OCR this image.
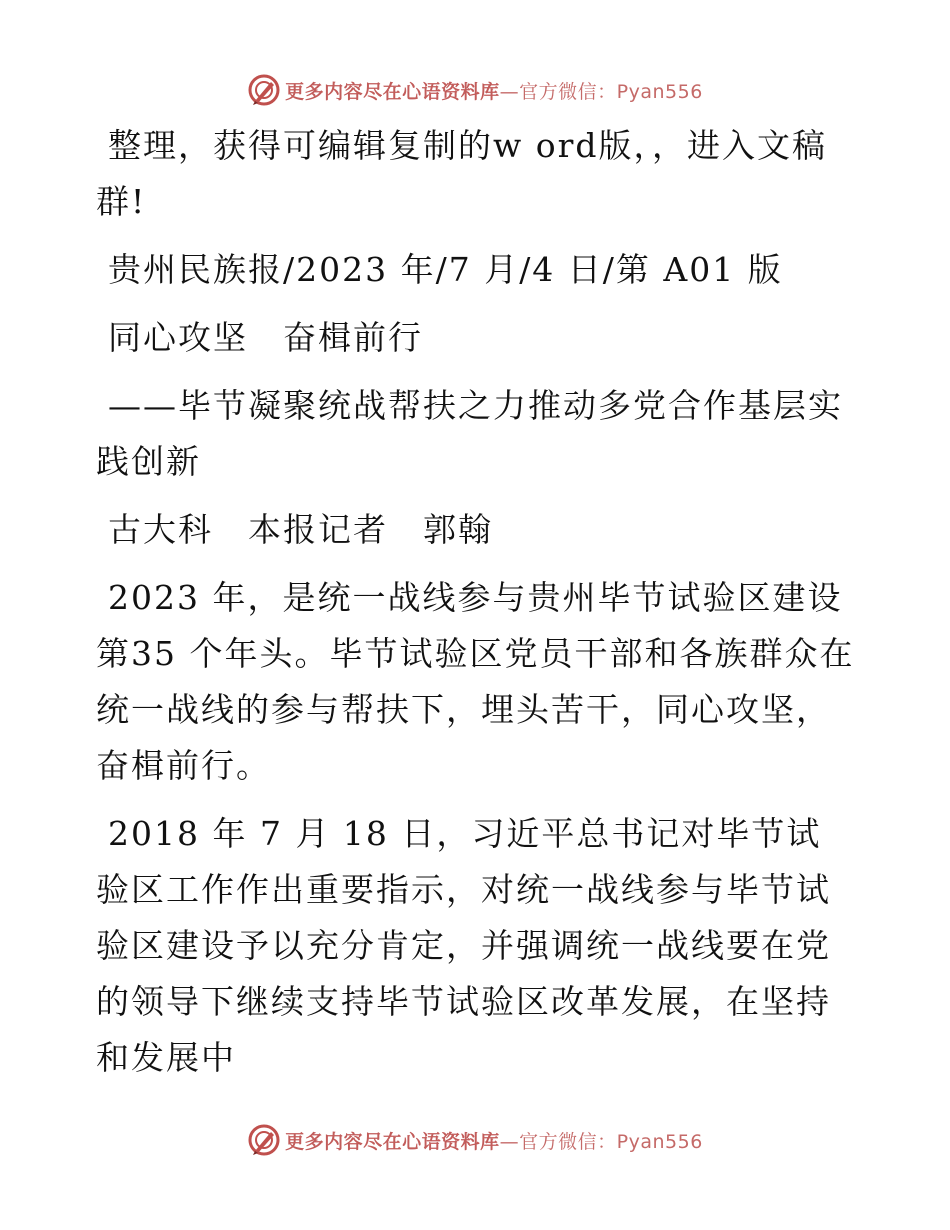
更多内容尽在心语资料库—官方微信：Pyan556

整理，获得可编辑复制的w ord版，，进入文稿群!

贵州民族报/2023 年/7 月/4 日/第 A01 版

同心攻坚　奋楫前行

——毕节凝聚统战帮扶之力推动多党合作基层实践创新

古大科　本报记者　郭翰

2023 年，是统一战线参与贵州毕节试验区建设第35 个年头。毕节试验区党员干部和各族群众在统一战线的参与帮扶下，埋头苦干，同心攻坚，奋楫前行。

2018 年 7 月 18 日，习近平总书记对毕节试验区工作作出重要指示，对统一战线参与毕节试验区建设予以充分肯定，并强调统一战线要在党的领导下继续支持毕节试验区改革发展，在坚持和发展中

更多内容尽在心语资料库—官方微信：Pyan556
